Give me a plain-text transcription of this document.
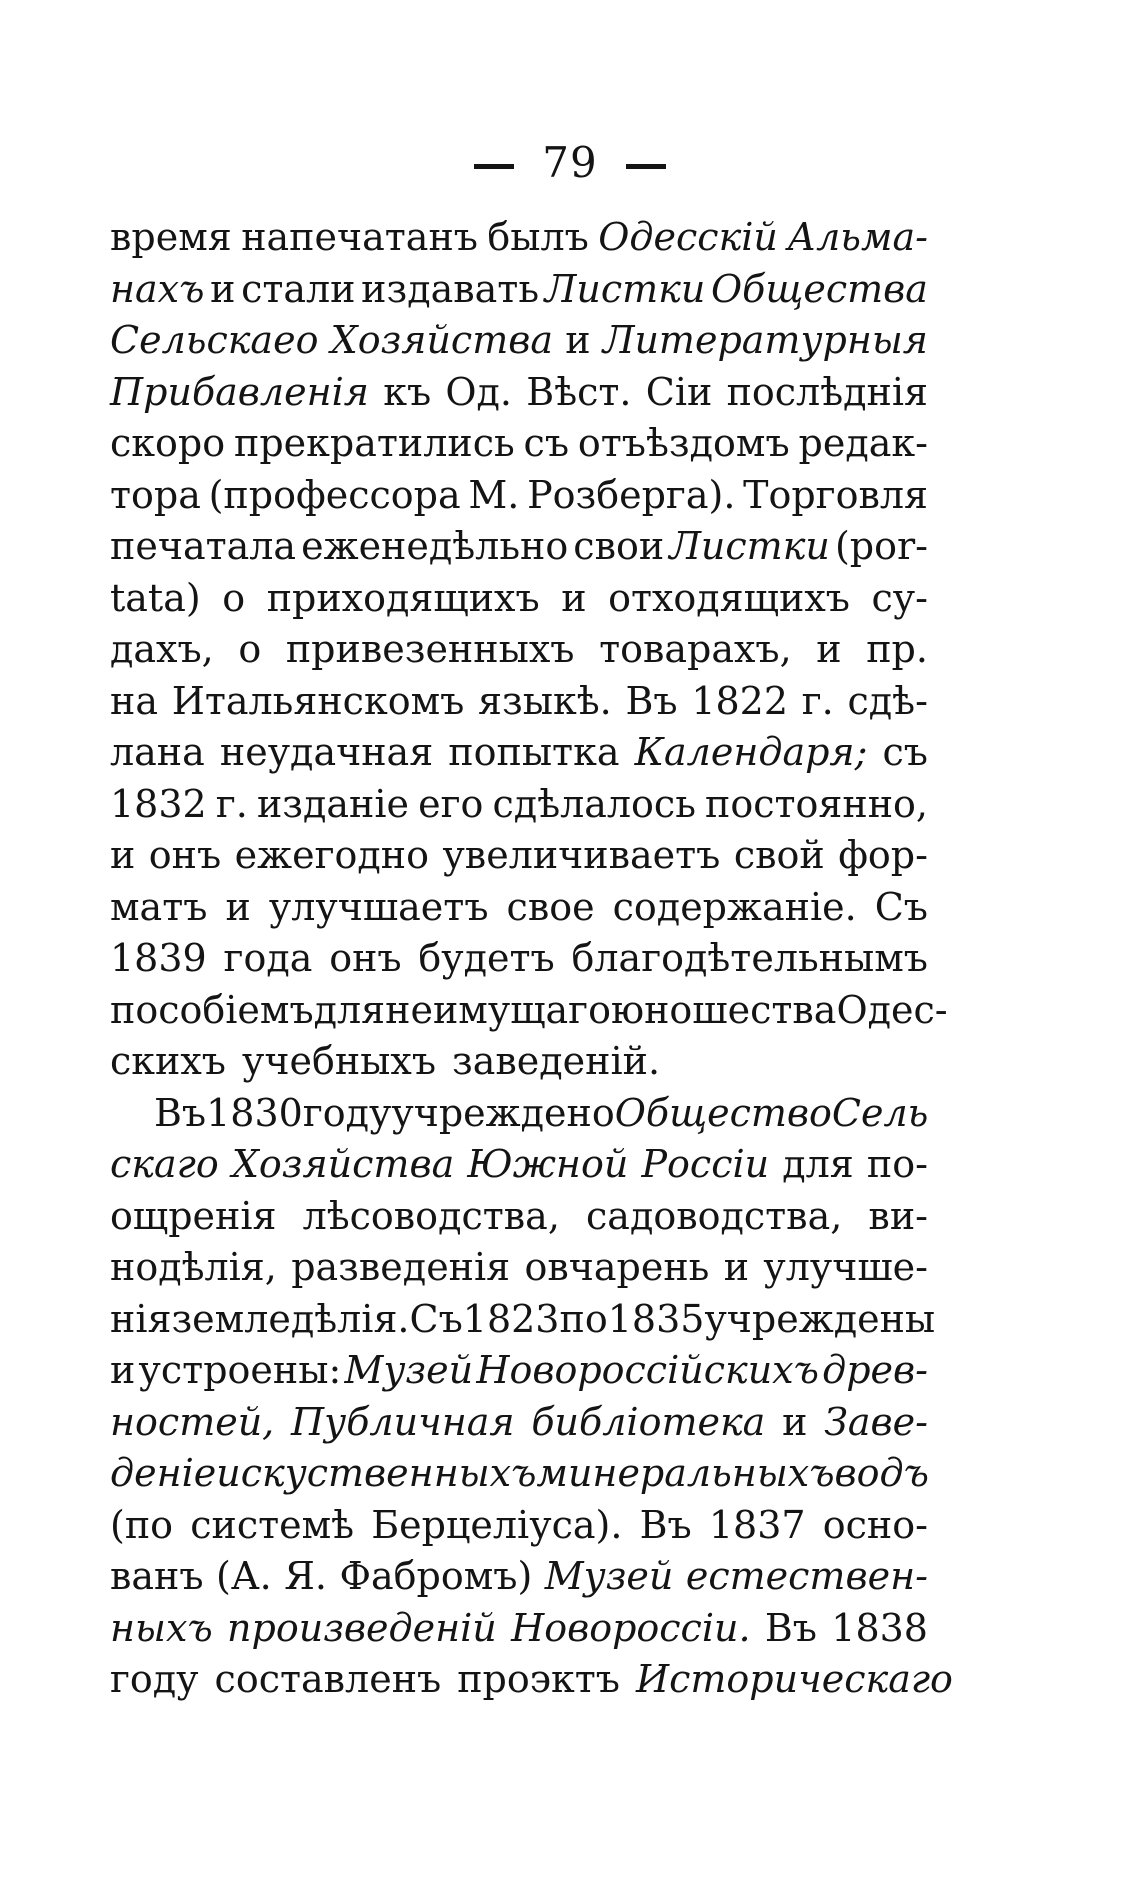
79
время напечатанъ былъ Одесскій Альма-
нахъ и стали издавать Листки Общества
Сельскаео Хозяйства и Литературныя
Прибавленія къ Од. Вѣст. Сіи послѣднія
скоро прекратились съ отъѣздомъ редак-
тора (профессора М. Розберга). Торговля
печатала еженедѣльно свои Листки (por-
tata) о приходящихъ и отходящихъ су-
дахъ, о привезенныхъ товарахъ, и пр.
на Итальянскомъ языкѣ. Въ 1822 г. сдѣ-
лана неудачная попытка Календаря; съ
1832 г. изданіе его сдѣлалось постоянно,
и онъ ежегодно увеличиваетъ свой фор-
матъ и улучшаетъ свое содержаніе. Съ
1839 года онъ будетъ благодѣтельнымъ
пособіемъ для неимущаго юношества Одес-
скихъ учебныхъ заведеній.
Въ 1830 году учреждено Общество Сель
скаго Хозяйства Южной Россіи для по-
ощренія лѣсоводства, садоводства, ви-
нодѣлія, разведенія овчарень и улучше-
нія земледѣлія. Съ 1823 по 1835 учреждены
и устроены: Музей Новороссійскихъ древ-
ностей, Публичная библіотека и Заве-
деніе искуственныхъ минеральныхъ водъ
(по системѣ Берцеліуса). Въ 1837 осно-
ванъ (А. Я. Фабромъ) Музей естествен-
ныхъ произведеній Новороссіи. Въ 1838
году составленъ проэктъ Историческаго
